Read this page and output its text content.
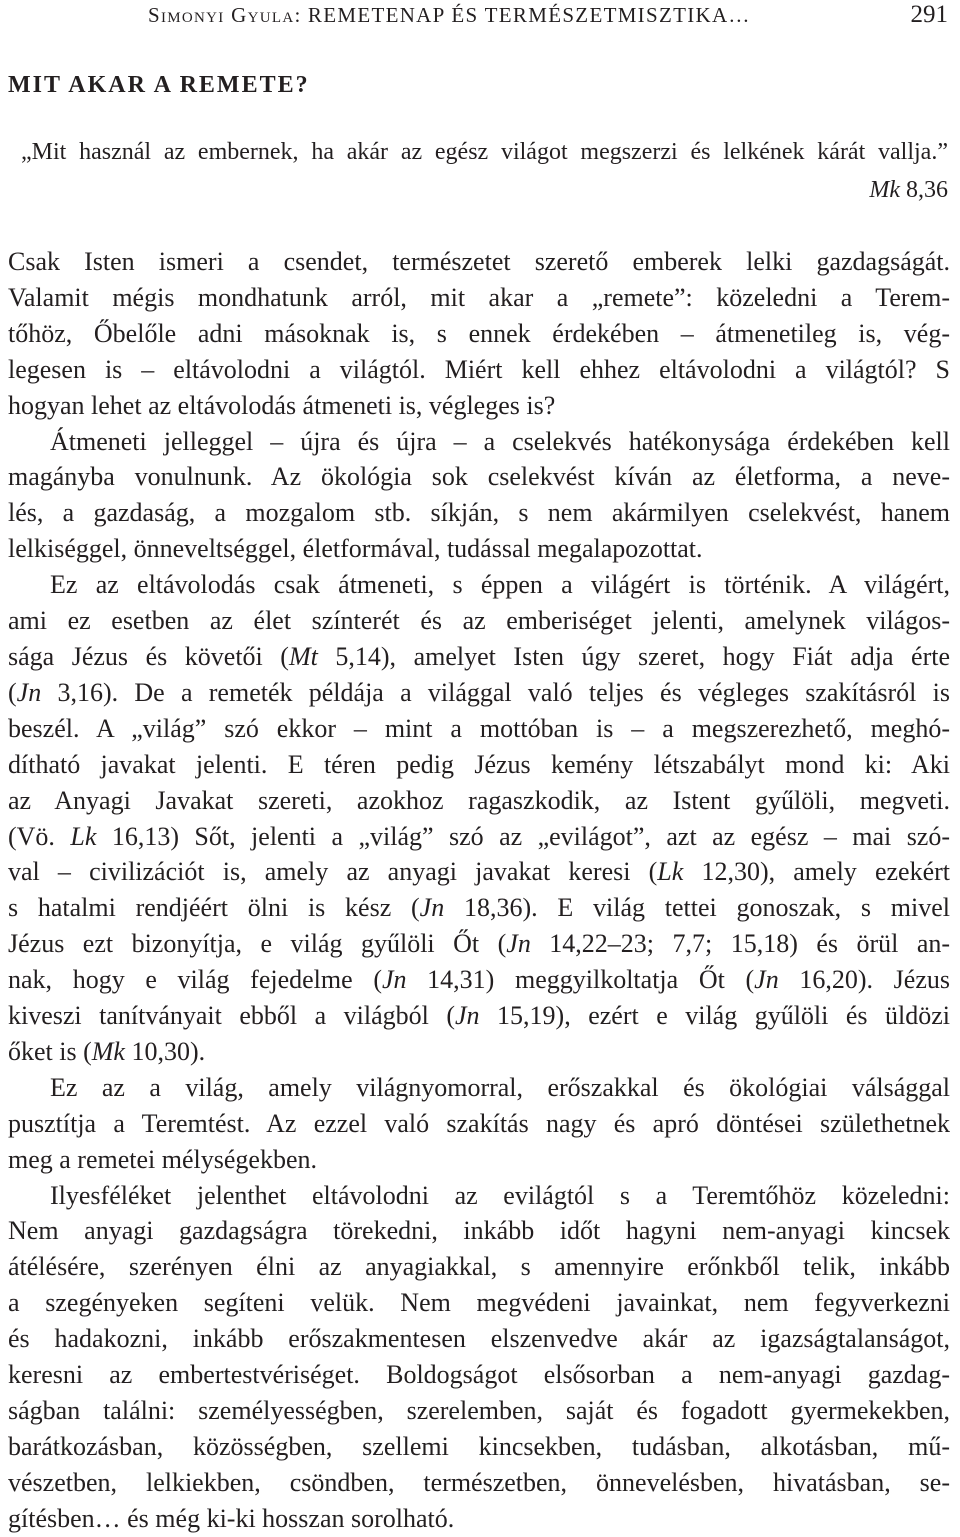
Simonyi Gyula: REMETENAP ÉS TERMÉSZETMISZTIKA…	291
MIT AKAR A REMETE?
„Mit használ az embernek, ha akár az egész világot megszerzi és lelkének kárát vallja.”
Mk 8,36
Csak Isten ismeri a csendet, természetet szerető emberek lelki gazdagságát.
Valamit mégis mondhatunk arról, mit akar a „remete”: közeledni a Terem-
tőhöz, Őbelőle adni másoknak is, s ennek érdekében – átmenetileg is, vég-
legesen is – eltávolodni a világtól. Miért kell ehhez eltávolodni a világtól? S
hogyan lehet az eltávolodás átmeneti is, végleges is?
Átmeneti jelleggel – újra és újra – a cselekvés hatékonysága érdekében kell
magányba vonulnunk. Az ökológia sok cselekvést kíván az életforma, a neve-
lés, a gazdaság, a mozgalom stb. síkján, s nem akármilyen cselekvést, hanem
lelkiséggel, önneveltséggel, életformával, tudással megalapozottat.
Ez az eltávolodás csak átmeneti, s éppen a világért is történik. A világért,
ami ez esetben az élet színterét és az emberiséget jelenti, amelynek világos-
sága Jézus és követői (Mt 5,14), amelyet Isten úgy szeret, hogy Fiát adja érte
(Jn 3,16). De a remeték példája a világgal való teljes és végleges szakításról is
beszél. A „világ” szó ekkor – mint a mottóban is – a megszerezhető, meghó-
dítható javakat jelenti. E téren pedig Jézus kemény létszabályt mond ki: Aki
az Anyagi Javakat szereti, azokhoz ragaszkodik, az Istent gyűlöli, megveti.
(Vö. Lk 16,13) Sőt, jelenti a „világ” szó az „evilágot”, azt az egész – mai szó-
val – civilizációt is, amely az anyagi javakat keresi (Lk 12,30), amely ezekért
s hatalmi rendjéért ölni is kész (Jn 18,36). E világ tettei gonoszak, s mivel
Jézus ezt bizonyítja, e világ gyűlöli Őt (Jn 14,22–23; 7,7; 15,18) és örül an-
nak, hogy e világ fejedelme (Jn 14,31) meggyilkoltatja Őt (Jn 16,20). Jézus
kiveszi tanítványait ebből a világból (Jn 15,19), ezért e világ gyűlöli és üldözi
őket is (Mk 10,30).
Ez az a világ, amely világnyomorral, erőszakkal és ökológiai válsággal
pusztítja a Teremtést. Az ezzel való szakítás nagy és apró döntései születhetnek
meg a remetei mélységekben.
Ilyesféléket jelenthet eltávolodni az evilágtól s a Teremtőhöz közeledni:
Nem anyagi gazdagságra törekedni, inkább időt hagyni nem-anyagi kincsek
átélésére, szerényen élni az anyagiakkal, s amennyire erőnkből telik, inkább
a szegényeken segíteni velük. Nem megvédeni javainkat, nem fegyverkezni
és hadakozni, inkább erőszakmentesen elszenvedve akár az igazságtalanságot,
keresni az embertestvériséget. Boldogságot elsősorban a nem-anyagi gazdag-
ságban találni: személyességben, szerelemben, saját és fogadott gyermekekben,
barátkozásban, közösségben, szellemi kincsekben, tudásban, alkotásban, mű-
vészetben, lelkiekben, csöndben, természetben, önnevelésben, hivatásban, se-
gítésben… és még ki-ki hosszan sorolható.
